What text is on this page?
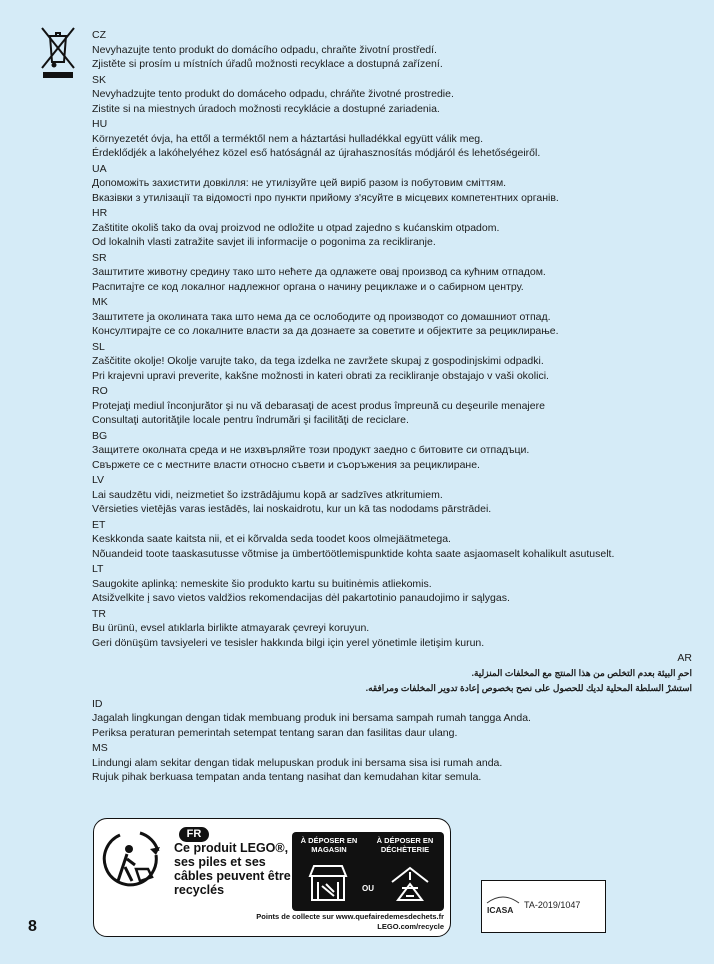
CZ
Nevyhazujte tento produkt do domácího odpadu, chraňte životní prostředí.
Zjistěte si prosím u místních úřadů možnosti recyklace a dostupná zařízení.
SK
Nevyhadzujte tento produkt do domáceho odpadu, chráňte životné prostredie.
Zistite si na miestnych úradoch možnosti recyklácie a dostupné zariadenia.
HU
Környezetét óvja, ha ettől a terméktől nem a háztartási hulladékkal együtt válik meg.
Érdeklődjék a lakóhelyéhez közel eső hatóságnál az újrahasznosítás módjáról és lehetőségeiről.
UA
Допоможіть захистити довкілля: не утилізуйте цей виріб разом із побутовим сміттям.
Вказівки з утилізації та відомості про пункти прийому з'ясуйте в місцевих компетентних органів.
HR
Zaštitite okoliš tako da ovaj proizvod ne odložite u otpad zajedno s kućanskim otpadom.
Od lokalnih vlasti zatražite savjet ili informacije o pogonima za recikliranje.
SR
Заштитите животну средину тако што нећете да одлажете овај производ са кућним отпадом.
Распитајте се код локалног надлежног органа о начину рециклаже и о сабирном центру.
MK
Заштитете ја околината така што нема да се ослободите од производот со домашниот отпад.
Консултирајте се со локалните власти за да дознаете за советите и објектите за рециклирање.
SL
Zaščitite okolje! Okolje varujte tako, da tega izdelka ne zavržete skupaj z gospodinjskimi odpadki.
Pri krajevni upravi preverite, kakšne možnosti in kateri obrati za recikliranje obstajajo v vaši okolici.
RO
Protejaţi mediul înconjurător şi nu vă debarasaţi de acest produs împreună cu deşeurile menajere
Consultaţi autorităţile locale pentru îndrumări şi facilităţi de reciclare.
BG
Защитете околната среда и не изхвърляйте този продукт заедно с битовите си отпадъци.
Свържете се с местните власти относно съвети и съоръжения за рециклиране.
LV
Lai saudzētu vidi, neizmetiet šo izstrādājumu kopā ar sadzīves atkritumiem.
Vērsieties vietējās varas iestādēs, lai noskaidrotu, kur un kā tas nododams pārstrādei.
ET
Keskkonda saate kaitsta nii, et ei kõrvalda seda toodet koos olmejäätmetega.
Nõuandeid toote taaskasutusse võtmise ja ümbertöötlemispunktide kohta saate asjaomaselt kohalikult asutuselt.
LT
Saugokite aplinką: nemeskite šio produkto kartu su buitinėmis atliekomis.
Atsižvelkite į savo vietos valdžios rekomendacijas dėl pakartotinio panaudojimo ir sąlygas.
TR
Bu ürünü, evsel atıklarla birlikte atmayarak çevreyi koruyun.
Geri dönüşüm tavsiyeleri ve tesisler hakkında bilgi için yerel yönetimle iletişim kurun.
AR
احمِ البيئة بعدم التخلص من هذا المنتج مع المخلفات المنزلية.
استشرْ السلطة المحلية لديك للحصول على نصح بخصوص إعادة تدوير المخلفات ومرافقه.
ID
Jagalah lingkungan dengan tidak membuang produk ini bersama sampah rumah tangga Anda.
Periksa peraturan pemerintah setempat tentang saran dan fasilitas daur ulang.
MS
Lindungi alam sekitar dengan tidak melupuskan produk ini bersama sisa isi rumah anda.
Rujuk pihak berkuasa tempatan anda tentang nasihat dan kemudahan kitar semula.
FR
Ce produit LEGO®, ses piles et ses câbles peuvent être recyclés
À DÉPOSER EN MAGASIN
À DÉPOSER EN DÉCHÈTERIE
OU
Points de collecte sur www.quefairedemesdechets.fr
LEGO.com/recycle
ICASA TA-2019/1047
8
